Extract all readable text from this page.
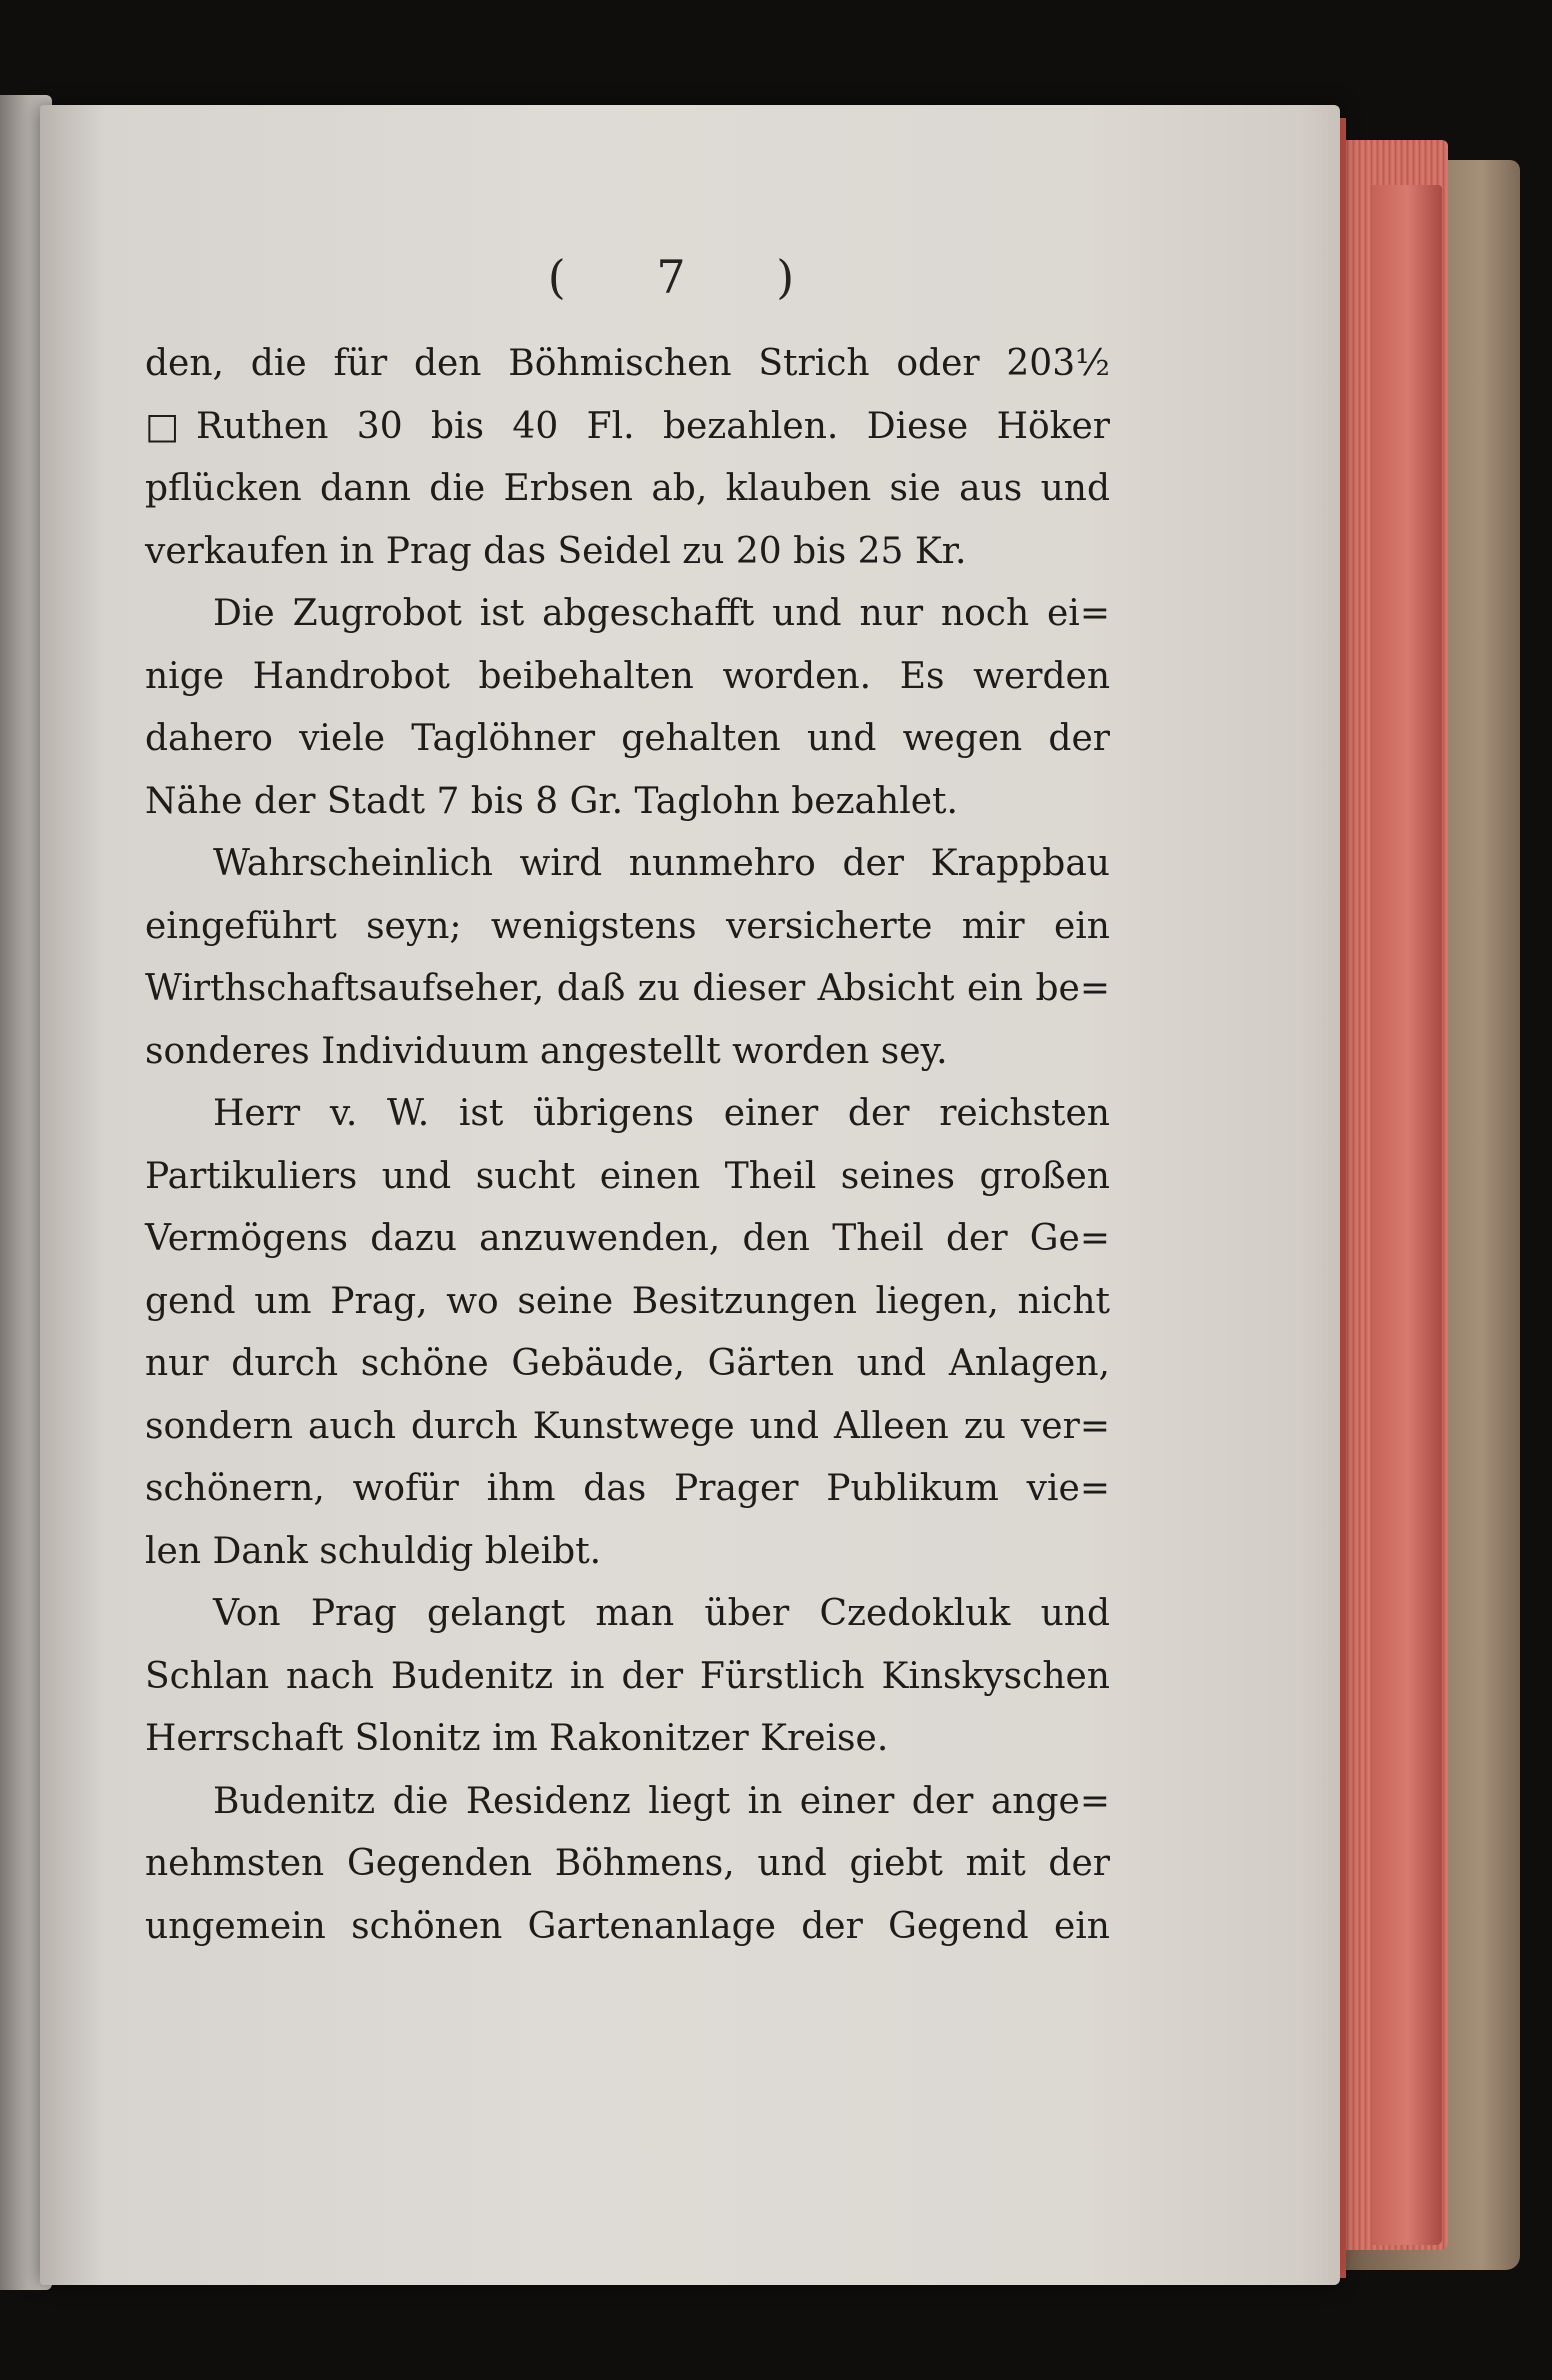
( 7 )
den, die für den Böhmischen Strich oder 203½
□Ruthen 30 bis 40 Fl. bezahlen. Diese Höker
pflücken dann die Erbsen ab, klauben sie aus und
verkaufen in Prag das Seidel zu 20 bis 25 Kr.
Die Zugrobot ist abgeschafft und nur noch ei=
nige Handrobot beibehalten worden. Es werden
dahero viele Taglöhner gehalten und wegen der
Nähe der Stadt 7 bis 8 Gr. Taglohn bezahlet.
Wahrscheinlich wird nunmehro der Krappbau
eingeführt seyn; wenigstens versicherte mir ein
Wirthschaftsaufseher, daß zu dieser Absicht ein be=
sonderes Individuum angestellt worden sey.
Herr v. W. ist übrigens einer der reichsten
Partikuliers und sucht einen Theil seines großen
Vermögens dazu anzuwenden, den Theil der Ge=
gend um Prag, wo seine Besitzungen liegen, nicht
nur durch schöne Gebäude, Gärten und Anlagen,
sondern auch durch Kunstwege und Alleen zu ver=
schönern, wofür ihm das Prager Publikum vie=
len Dank schuldig bleibt.
Von Prag gelangt man über Czedokluk und
Schlan nach Budenitz in der Fürstlich Kinskyschen
Herrschaft Slonitz im Rakonitzer Kreise.
Budenitz die Residenz liegt in einer der ange=
nehmsten Gegenden Böhmens, und giebt mit der
ungemein schönen Gartenanlage der Gegend ein
